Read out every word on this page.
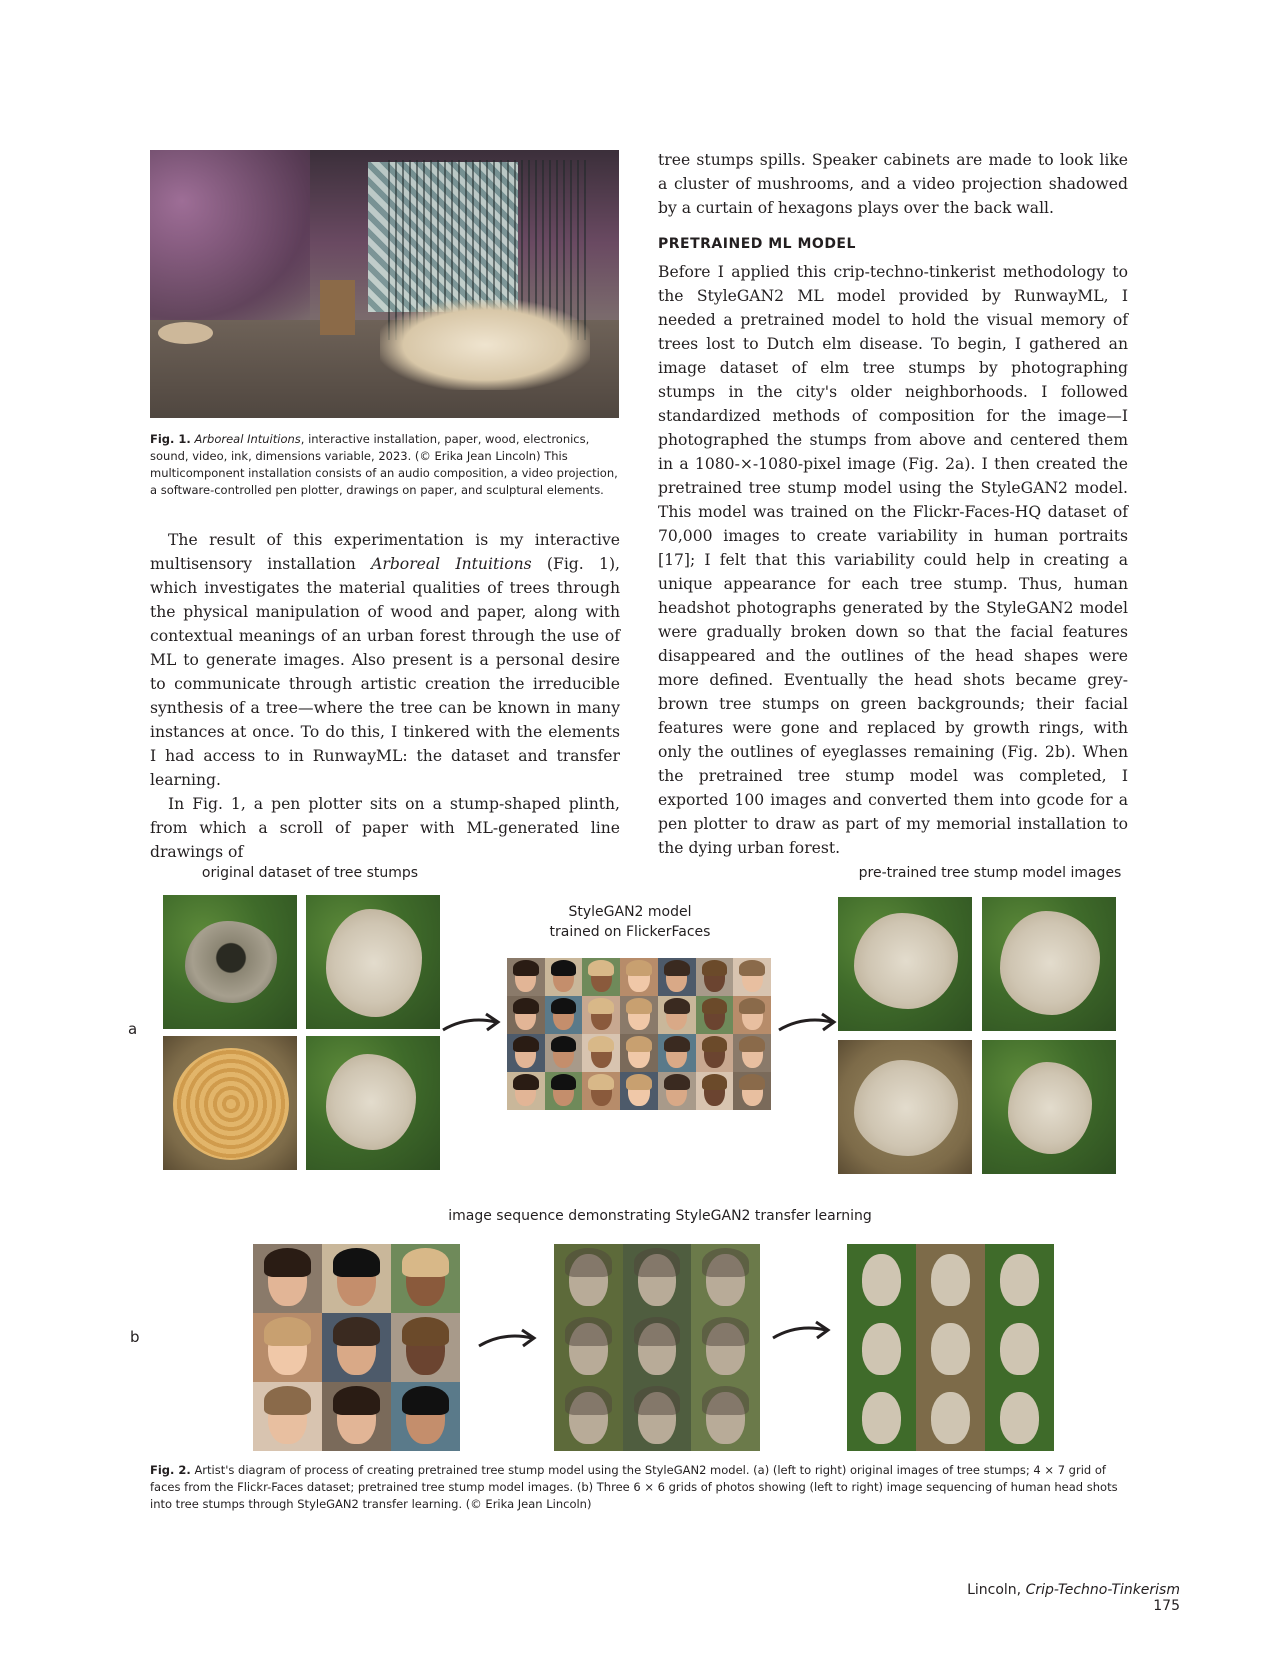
Fig. 1. Arboreal Intuitions, interactive installation, paper, wood, electronics, sound, video, ink, dimensions variable, 2023. (© Erika Jean Lincoln) This multicomponent installation consists of an audio composition, a video projection, a software-controlled pen plotter, drawings on paper, and sculptural elements.

The result of this experimentation is my interactive multisensory installation Arboreal Intuitions (Fig. 1), which investigates the material qualities of trees through the physical manipulation of wood and paper, along with contextual meanings of an urban forest through the use of ML to generate images. Also present is a personal desire to communicate through artistic creation the irreducible synthesis of a tree—where the tree can be known in many instances at once. To do this, I tinkered with the elements I had access to in RunwayML: the dataset and transfer learning.

In Fig. 1, a pen plotter sits on a stump-shaped plinth, from which a scroll of paper with ML-generated line drawings of

tree stumps spills. Speaker cabinets are made to look like a cluster of mushrooms, and a video projection shadowed by a curtain of hexagons plays over the back wall.

PRETRAINED ML MODEL

Before I applied this crip-techno-tinkerist methodology to the StyleGAN2 ML model provided by RunwayML, I needed a pretrained model to hold the visual memory of trees lost to Dutch elm disease. To begin, I gathered an image dataset of elm tree stumps by photographing stumps in the city's older neighborhoods. I followed standardized methods of composition for the image—I photographed the stumps from above and centered them in a 1080-×-1080-pixel image (Fig. 2a). I then created the pretrained tree stump model using the StyleGAN2 model. This model was trained on the Flickr-Faces-HQ dataset of 70,000 images to create variability in human portraits [17]; I felt that this variability could help in creating a unique appearance for each tree stump. Thus, human headshot photographs generated by the StyleGAN2 model were gradually broken down so that the facial features disappeared and the outlines of the head shapes were more defined. Eventually the head shots became grey-brown tree stumps on green backgrounds; their facial features were gone and replaced by growth rings, with only the outlines of eyeglasses remaining (Fig. 2b). When the pretrained tree stump model was completed, I exported 100 images and converted them into gcode for a pen plotter to draw as part of my memorial installation to the dying urban forest.

original dataset of tree stumps
StyleGAN2 model
trained on FlickerFaces
pre-trained tree stump model images
a
image sequence demonstrating StyleGAN2 transfer learning
b
Fig. 2. Artist's diagram of process of creating pretrained tree stump model using the StyleGAN2 model. (a) (left to right) original images of tree stumps; 4 × 7 grid of faces from the Flickr-Faces dataset; pretrained tree stump model images. (b) Three 6 × 6 grids of photos showing (left to right) image sequencing of human head shots into tree stumps through StyleGAN2 transfer learning. (© Erika Jean Lincoln)
Lincoln, Crip-Techno-Tinkerism 175
